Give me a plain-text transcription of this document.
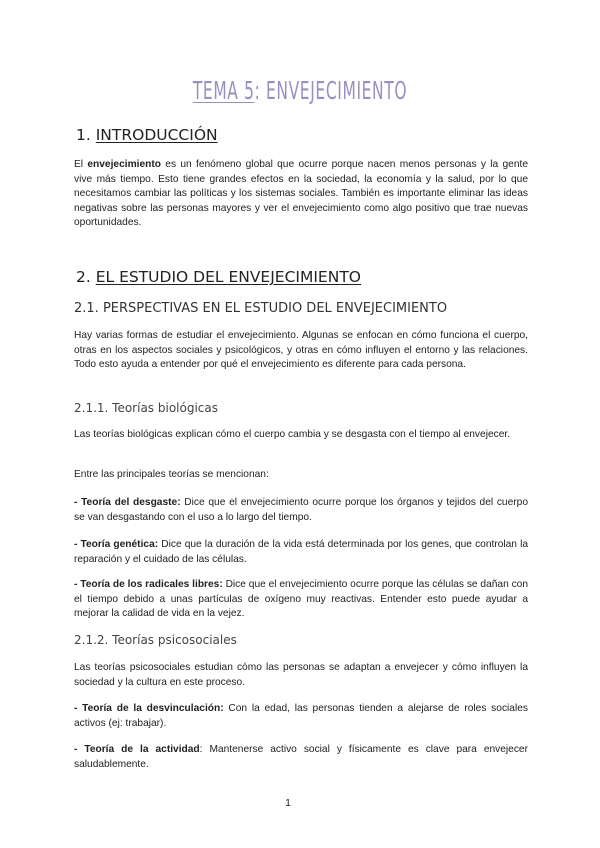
TEMA 5: ENVEJECIMIENTO
1. INTRODUCCIÓN
El envejecimiento es un fenómeno global que ocurre porque nacen menos personas y la gente vive más tiempo. Esto tiene grandes efectos en la sociedad, la economía y la salud, por lo que necesitamos cambiar las políticas y los sistemas sociales. También es importante eliminar las ideas negativas sobre las personas mayores y ver el envejecimiento como algo positivo que trae nuevas oportunidades.
2. EL ESTUDIO DEL ENVEJECIMIENTO
2.1. PERSPECTIVAS EN EL ESTUDIO DEL ENVEJECIMIENTO
Hay varias formas de estudiar el envejecimiento. Algunas se enfocan en cómo funciona el cuerpo, otras en los aspectos sociales y psicológicos, y otras en cómo influyen el entorno y las relaciones. Todo esto ayuda a entender por qué el envejecimiento es diferente para cada persona.
2.1.1. Teorías biológicas
Las teorías biológicas explican cómo el cuerpo cambia y se desgasta con el tiempo al envejecer.
Entre las principales teorías se mencionan:
- Teoría del desgaste: Dice que el envejecimiento ocurre porque los órganos y tejidos del cuerpo se van desgastando con el uso a lo largo del tiempo.
- Teoría genética: Dice que la duración de la vida está determinada por los genes, que controlan la reparación y el cuidado de las células.
- Teoría de los radicales libres: Dice que el envejecimiento ocurre porque las células se dañan con el tiempo debido a unas partículas de oxígeno muy reactivas. Entender esto puede ayudar a mejorar la calidad de vida en la vejez.
2.1.2. Teorías psicosociales
Las teorías psicosociales estudian cómo las personas se adaptan a envejecer y cómo influyen la sociedad y la cultura en este proceso.
- Teoría de la desvinculación: Con la edad, las personas tienden a alejarse de roles sociales activos (ej: trabajar).
- Teoría de la actividad: Mantenerse activo social y físicamente es clave para envejecer saludablemente.
1
